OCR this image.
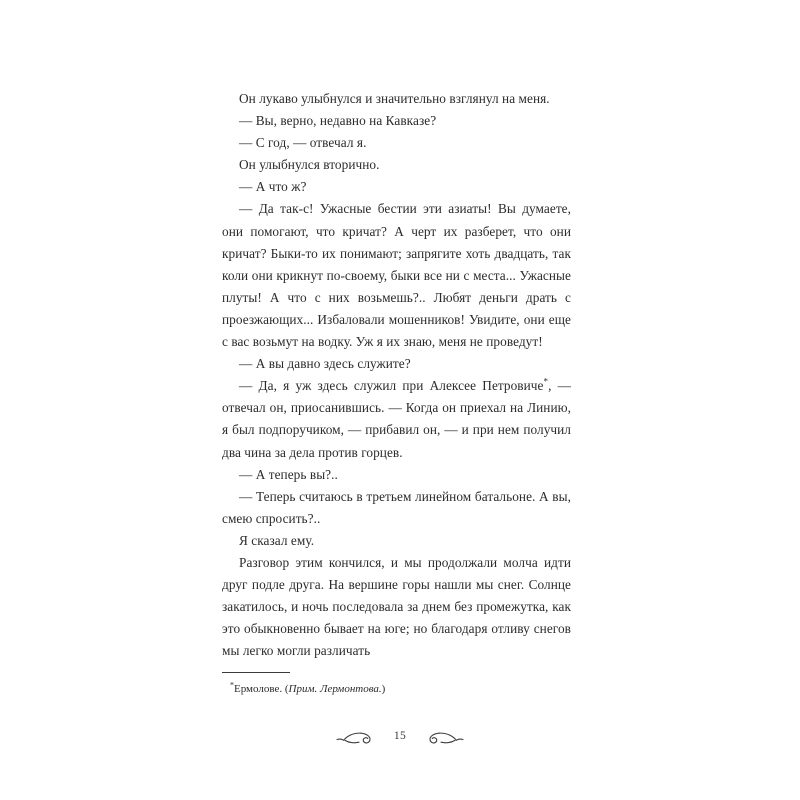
Он лукаво улыбнулся и значительно взглянул на меня.

— Вы, верно, недавно на Кавказе?

— С год, — отвечал я.

Он улыбнулся вторично.

— А что ж?

— Да так-с! Ужасные бестии эти азиаты! Вы думаете, они помогают, что кричат? А черт их разберет, что они кричат? Быки-то их понимают; запрягите хоть двадцать, так коли они крикнут по-своему, быки все ни с места... Ужасные плуты! А что с них возьмешь?.. Любят деньги драть с проезжающих... Избаловали мошенников! Увидите, они еще с вас возьмут на водку. Уж я их знаю, меня не проведут!

— А вы давно здесь служите?

— Да, я уж здесь служил при Алексее Петровиче*, — отвечал он, приосанившись. — Когда он приехал на Линию, я был подпоручиком, — прибавил он, — и при нем получил два чина за дела против горцев.

— А теперь вы?..

— Теперь считаюсь в третьем линейном батальоне. А вы, смею спросить?..

Я сказал ему.

Разговор этим кончился, и мы продолжали молча идти друг подле друга. На вершине горы нашли мы снег. Солнце закатилось, и ночь последовала за днем без промежутка, как это обыкновенно бывает на юге; но благодаря отливу снегов мы легко могли различать

*Ермолове. (Прим. Лермонтова.)

15
